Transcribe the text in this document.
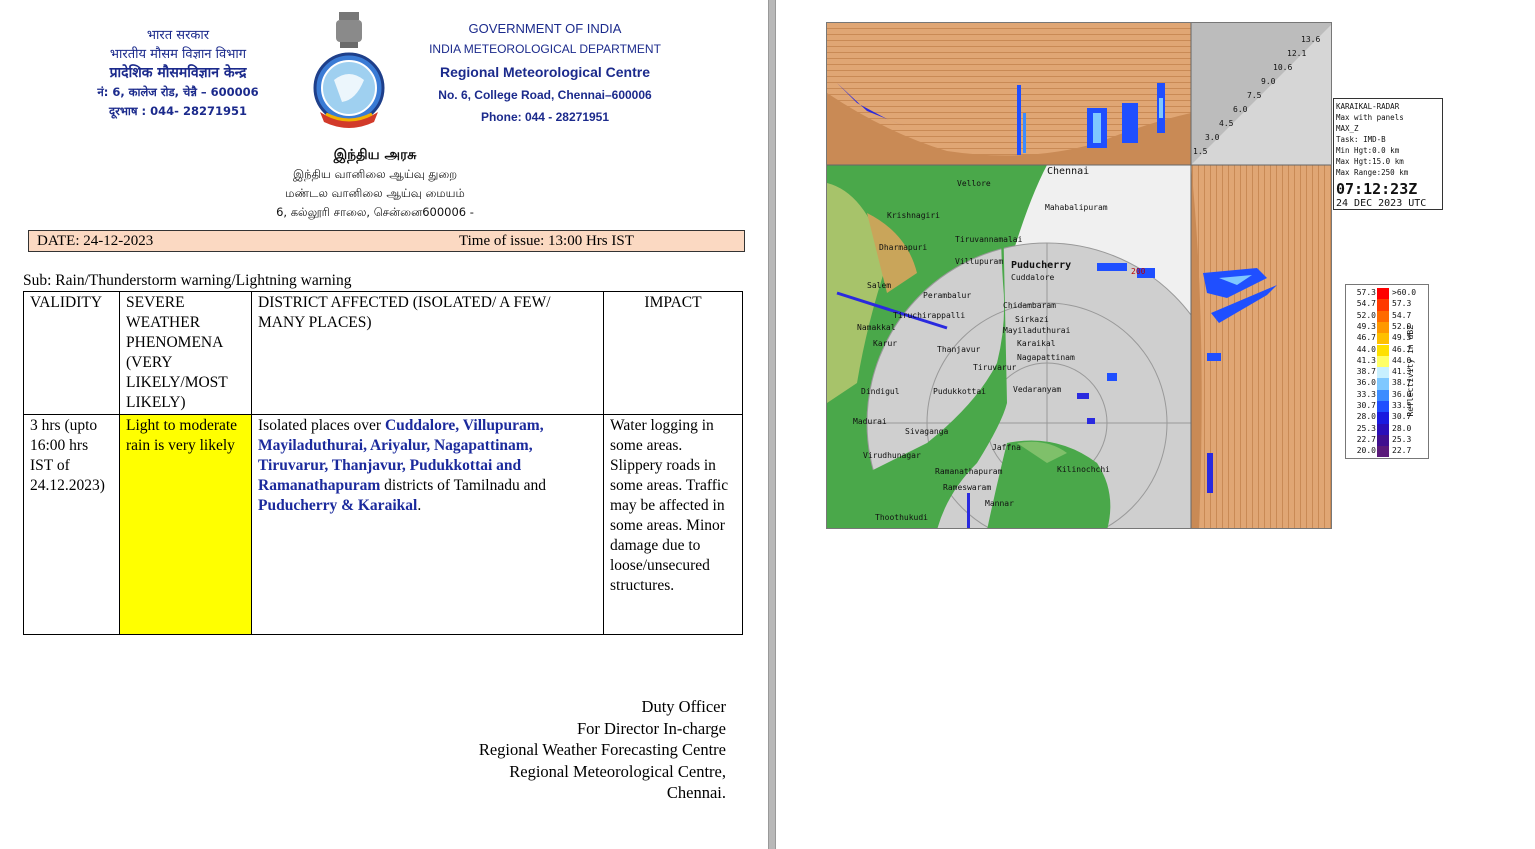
भारत सरकार
भारतीय मौसम विज्ञान विभाग
प्रादेशिक मौसमविज्ञान केन्द्र
नं: 6, कालेज रोड, चेन्नै – 600006
दूरभाष : 044- 28271951
GOVERNMENT OF INDIA
INDIA METEOROLOGICAL DEPARTMENT
Regional Meteorological Centre
No. 6, College Road, Chennai–600006
Phone: 044 - 28271951
இந்திய அரசு
இந்திய வானிலை ஆய்வு துறை
மண்டல வானிலை ஆய்வு மையம்
6, கல்லூரி சாலை, சென்னை600006 -
DATE: 24-12-2023	Time of issue: 13:00 Hrs IST
Sub: Rain/Thunderstorm warning/Lightning warning
VALIDITY	SEVERE WEATHER PHENOMENA (VERY LIKELY/MOST LIKELY)	DISTRICT AFFECTED (ISOLATED/ A FEW/ MANY PLACES)	IMPACT
3 hrs (upto 16:00 hrs IST of 24.12.2023)	Light to moderate rain is very likely	Isolated places over Cuddalore, Villupuram, Mayiladuthurai, Ariyalur, Nagapattinam, Tiruvarur, Thanjavur, Pudukkottai and Ramanathapuram districts of Tamilnadu and Puducherry & Karaikal.	Water logging in some areas. Slippery roads in some areas. Traffic may be affected in some areas. Minor damage due to loose/unsecured structures.
Duty Officer
For Director In-charge
Regional Weather Forecasting Centre
Regional Meteorological Centre,
Chennai.
Chennai
Mahabalipuram
Puducherry
Cuddalore
Chidambaram
Sirkazi
Mayiladuthurai
Karaikal
Nagapattinam
Vedaranyam
Jaffna
Kilinochchi
Mannar
Ramanathapuram
Rameswaram
Thoothukudi
Virudhunagar
Madurai
Dindigul
Thanjavur
Tiruvarur
Pudukkottai
Sivaganga
Namakkal
Salem
Dharmapuri
Krishnagiri
Vellore
Villupuram
Tiruvannamalai
Perambalur
Karur
Tiruchirappalli
200
13.6
12.1
10.6
9.0
7.5
6.0
4.5
3.0
1.5
KARAIKAL-RADAR
Max with panels
MAX_Z
Task: IMD-B
Min Hgt:0.0 km
Max Hgt:15.0 km
Max Range:250 km
07:12:23Z
24 DEC 2023 UTC
Reflectivity in dBZ
57.3 >60.0
54.7 57.3
52.0 54.7
49.3 52.0
46.7 49.3
44.0 46.7
41.3 44.0
38.7 41.3
36.0 38.7
33.3 36.0
30.7 33.3
28.0 30.7
25.3 28.0
22.7 25.3
20.0 22.7
